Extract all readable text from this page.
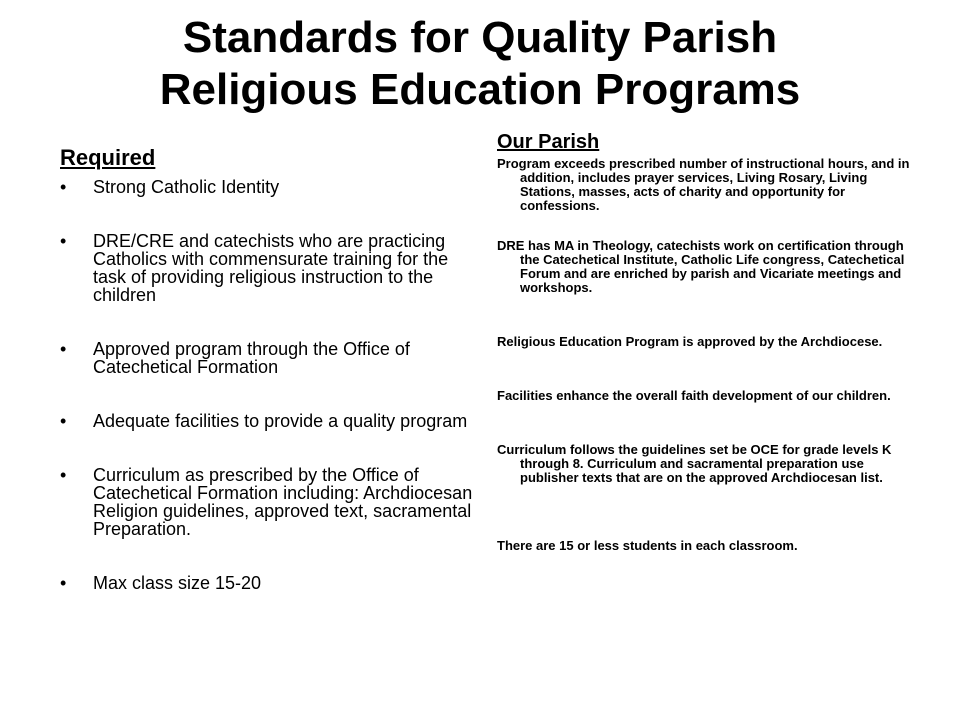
Standards for Quality Parish
Religious Education Programs
Required
• Strong Catholic Identity
• DRE/CRE and catechists who are practicing Catholics with commensurate training for the task of providing religious instruction to the children
• Approved program through the Office of Catechetical Formation
• Adequate facilities to provide a quality program
• Curriculum as prescribed by the Office of Catechetical Formation including: Archdiocesan Religion guidelines, approved text, sacramental Preparation.
• Max class size 15-20
Our Parish
Program exceeds prescribed number of instructional hours, and in addition, includes prayer services, Living Rosary, Living Stations, masses, acts of charity and opportunity for confessions.
DRE has MA in Theology, catechists work on certification through the Catechetical Institute, Catholic Life congress, Catechetical Forum and are enriched by parish and Vicariate meetings and workshops.
Religious Education Program is approved by the Archdiocese.
Facilities enhance the overall faith development of our children.
Curriculum follows the guidelines set be OCE for grade levels K through 8. Curriculum and sacramental preparation use publisher texts that are on the approved Archdiocesan list.
There are 15 or less students in each classroom.
